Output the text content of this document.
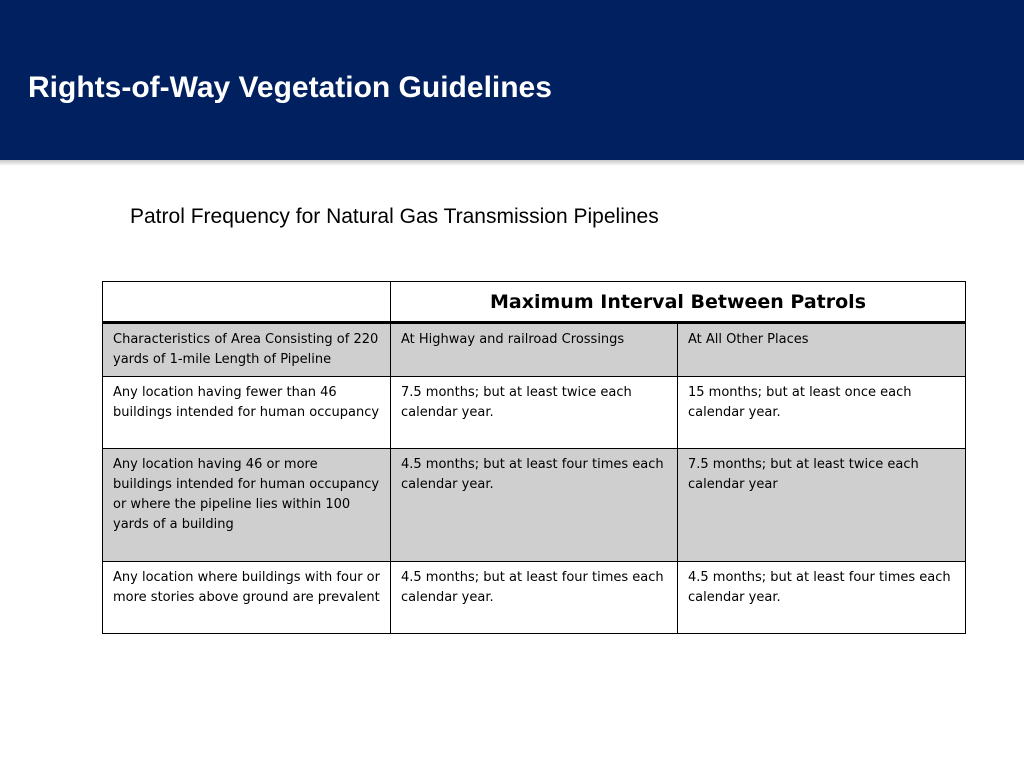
Rights-of-Way Vegetation Guidelines
Patrol Frequency for Natural Gas Transmission Pipelines
	Maximum Interval Between Patrols	
Characteristics of Area Consisting of 220 yards of 1-mile Length of Pipeline	At Highway and railroad Crossings	At All Other Places
Any location having fewer than 46 buildings intended for human occupancy	7.5 months; but at least twice each calendar year.	15 months; but at least once each calendar year.
Any location having 46 or more buildings intended for human occupancy or where the pipeline lies within 100 yards of a building	4.5 months; but at least four times each calendar year.	7.5 months; but at least twice each calendar year
Any location where buildings with four or more stories above ground are prevalent	4.5 months; but at least four times each calendar year.	4.5 months; but at least four times each calendar year.
